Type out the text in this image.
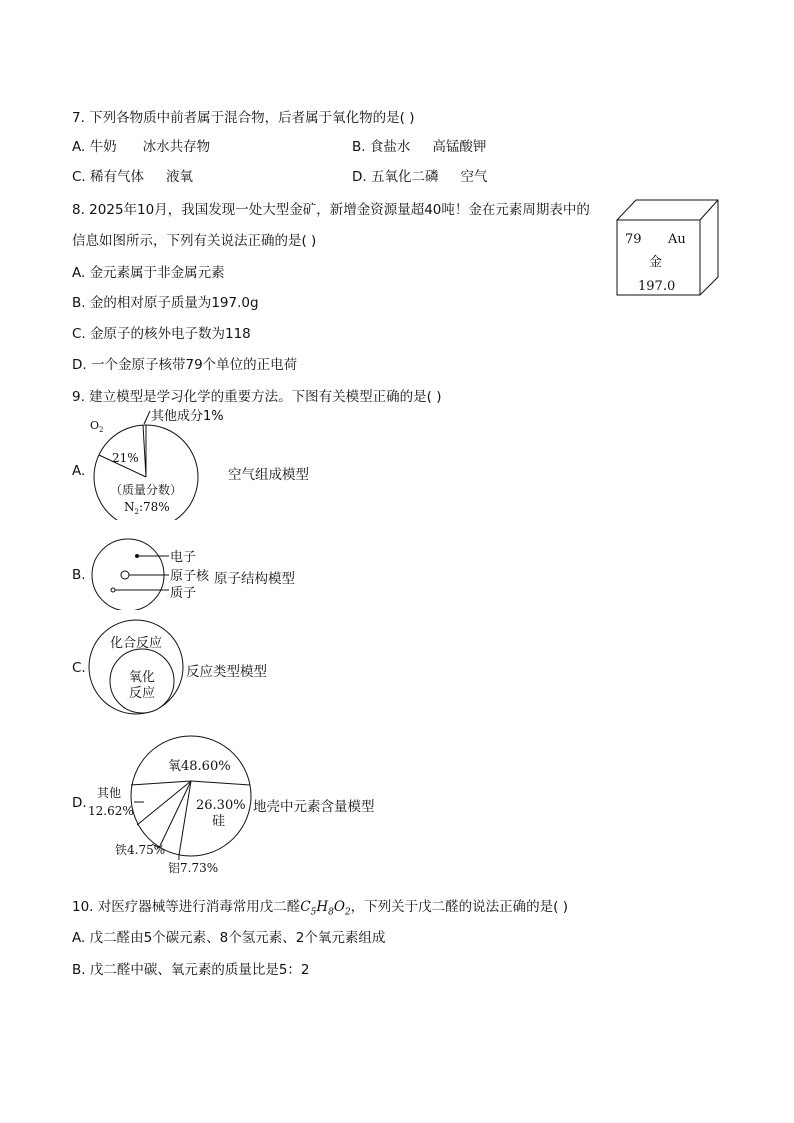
7. 下列各物质中前者属于混合物，后者属于氧化物的是( )
A. 牛奶 冰水共存物	B. 食盐水 高锰酸钾
C. 稀有气体 液氧	D. 五氧化二磷 空气
8. 2025年10月，我国发现一处大型金矿，新增金资源量超40吨！金在元素周期表中的
信息如图所示，下列有关说法正确的是( )
A. 金元素属于非金属元素
B. 金的相对原子质量为197.0g
C. 金原子的核外电子数为118
D. 一个金原子核带79个单位的正电荷
79 Au
金
197.0
9. 建立模型是学习化学的重要方法。下图有关模型正确的是( )
A.
$O_2$
21%
其他成分1%
（质量分数）
$N_2:78\%$
空气组成模型
B.
电子
原子核
质子
原子结构模型
C.
化合反应
氧化
反应
反应类型模型
D.
氧48.60%
26.30%
硅
其他
12.62%
铁4.75%
铝7.73%
地壳中元素含量模型
10. 对医疗器械等进行消毒常用戊二醛$C_5H_8O_2$，下列关于戊二醛的说法正确的是( )
A. 戊二醛由5个碳元素、8个氢元素、2个氧元素组成
B. 戊二醛中碳、氧元素的质量比是5：2
